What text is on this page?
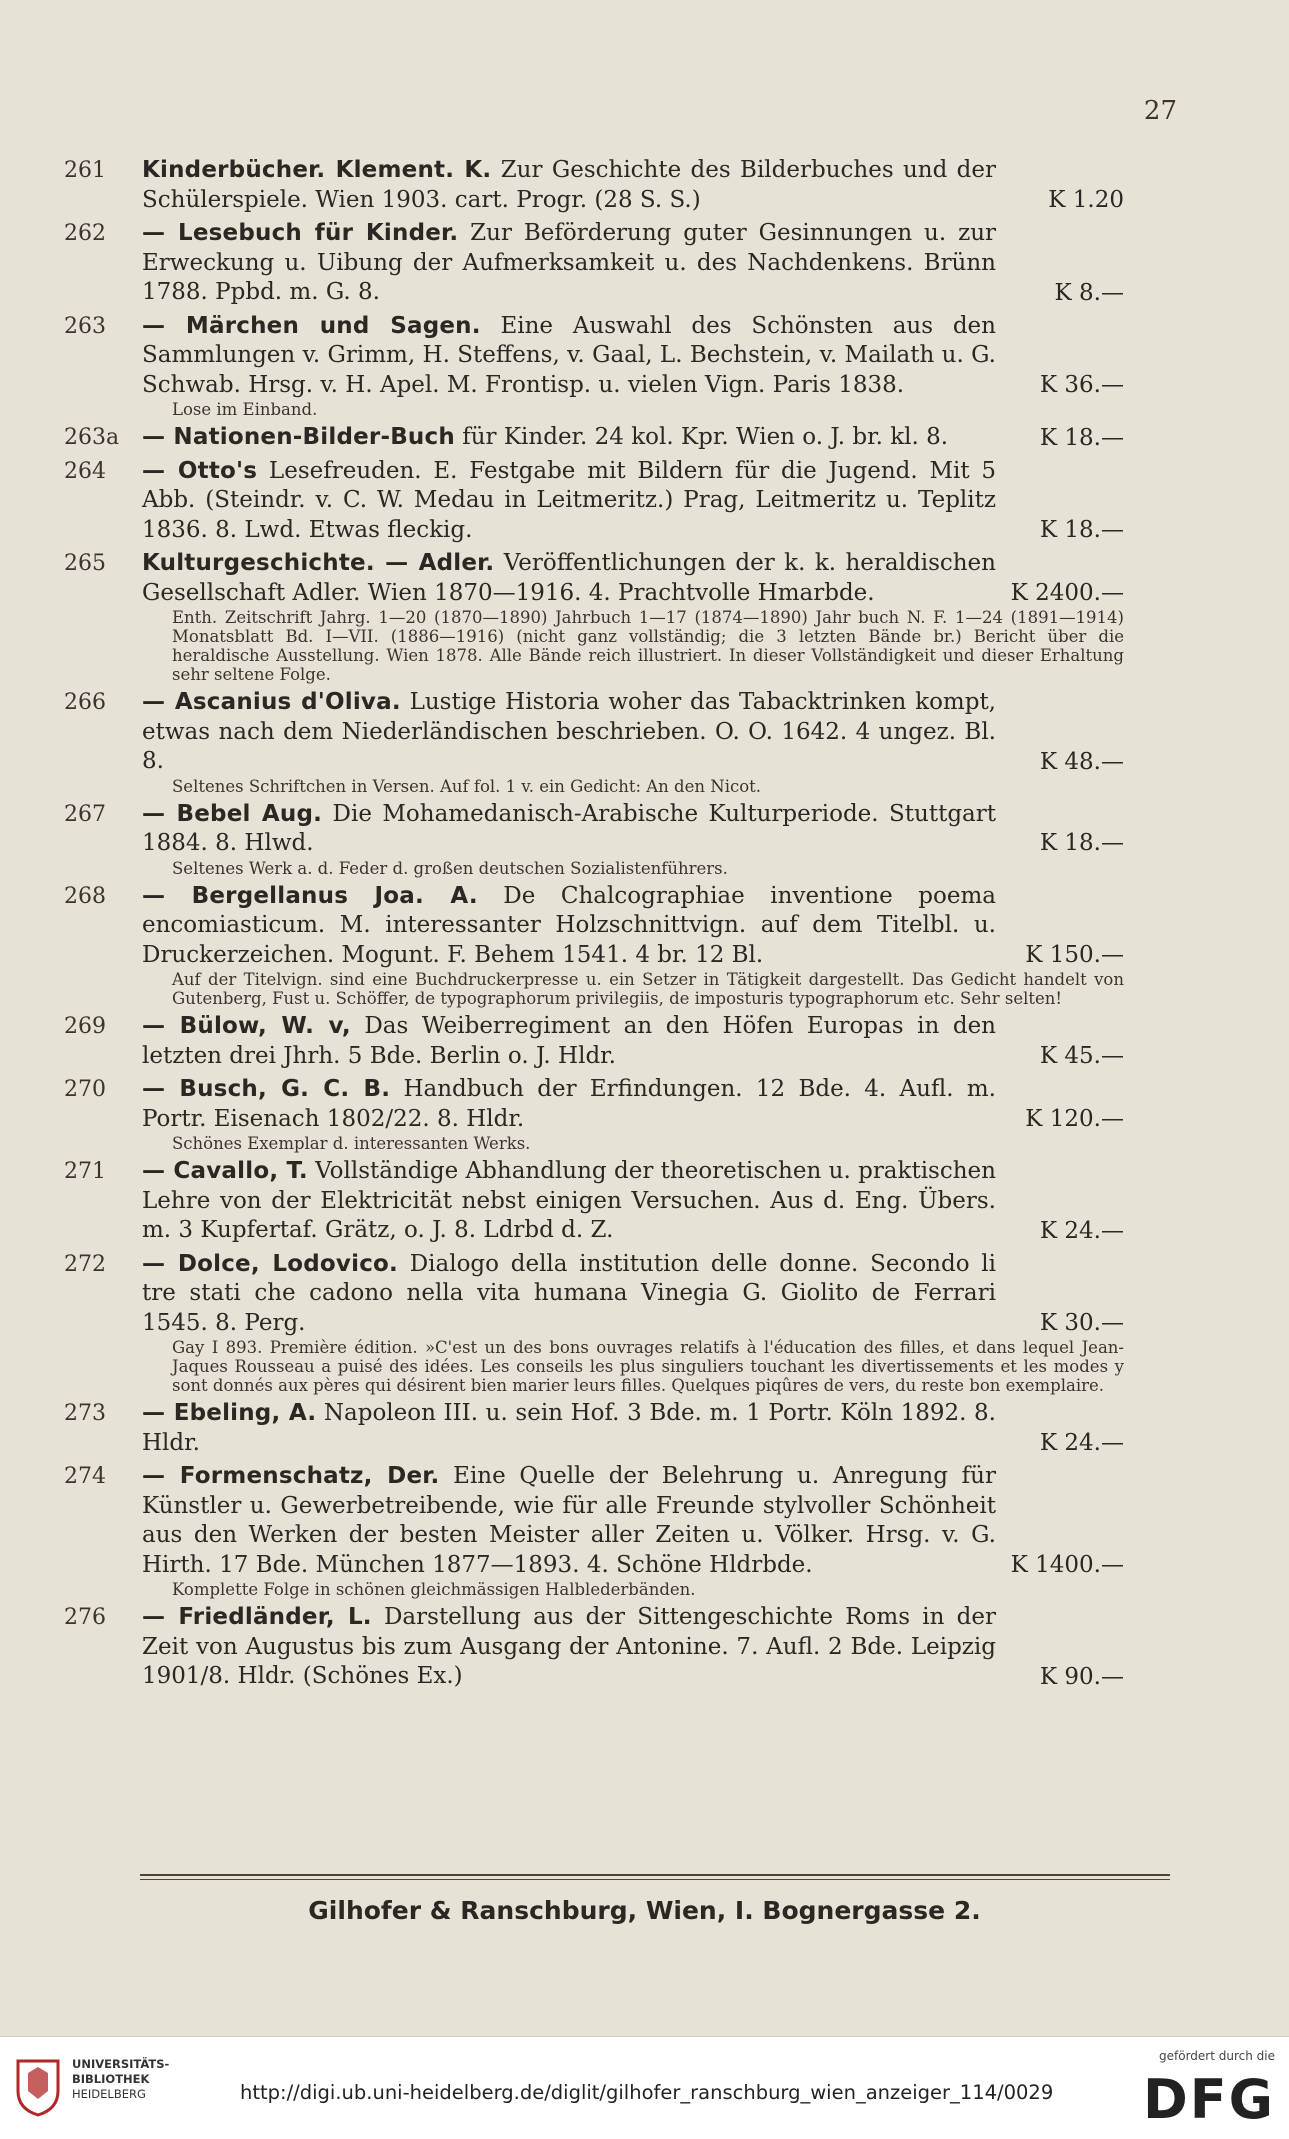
27
261	Kinderbücher. Klement. K. Zur Geschichte des Bilderbuches und der Schülerspiele. Wien 1903. cart. Progr. (28 S. S.)	K 1.20
262	— Lesebuch für Kinder. Zur Beförderung guter Gesinnungen u. zur Erweckung u. Uibung der Aufmerksamkeit u. des Nachdenkens. Brünn 1788. Ppbd. m. G. 8.	K 8.—
263	— Märchen und Sagen. Eine Auswahl des Schönsten aus den Sammlungen v. Grimm, H. Steffens, v. Gaal, L. Bechstein, v. Mailath u. G. Schwab. Hrsg. v. H. Apel. M. Frontisp. u. vielen Vign. Paris 1838.	K 36.—
Lose im Einband.
263a — Nationen-Bilder-Buch für Kinder. 24 kol. Kpr. Wien o. J. br. kl. 8.	K 18.—
264	— Otto's Lesefreuden. E. Festgabe mit Bildern für die Jugend. Mit 5 Abb. (Steindr. v. C. W. Medau in Leitmeritz.) Prag, Leitmeritz u. Teplitz 1836. 8. Lwd. Etwas fleckig.	K 18.—
265	Kulturgeschichte. — Adler. Veröffentlichungen der k. k. heraldischen Gesellschaft Adler. Wien 1870—1916. 4. Prachtvolle Hmarbde.	K 2400.—
Enth. Zeitschrift Jahrg. 1—20 (1870—1890) Jahrbuch 1—17 (1874—1890) Jahr buch N. F. 1—24 (1891—1914) Monatsblatt Bd. I—VII. (1886—1916) (nicht ganz vollständig; die 3 letzten Bände br.) Bericht über die heraldische Ausstellung. Wien 1878. Alle Bände reich illustriert. In dieser Vollständigkeit und dieser Erhaltung sehr seltene Folge.
266	— Ascanius d'Oliva. Lustige Historia woher das Tabacktrinken kompt, etwas nach dem Niederländischen beschrieben. O. O. 1642. 4 ungez. Bl. 8.	K 48.—
Seltenes Schriftchen in Versen. Auf fol. 1 v. ein Gedicht: An den Nicot.
267	— Bebel Aug. Die Mohamedanisch-Arabische Kulturperiode. Stuttgart 1884. 8. Hlwd.	K 18.—
Seltenes Werk a. d. Feder d. großen deutschen Sozialistenführers.
268	— Bergellanus Joa. A. De Chalcographiae inventione poema encomiasticum. M. interessanter Holzschnittvign. auf dem Titelbl. u. Druckerzeichen. Mogunt. F. Behem 1541. 4 br. 12 Bl.	K 150.—
Auf der Titelvign. sind eine Buchdruckerpresse u. ein Setzer in Tätigkeit dargestellt. Das Gedicht handelt von Gutenberg, Fust u. Schöffer, de typographorum privilegiis, de imposturis typographorum etc. Sehr selten!
269	— Bülow, W. v, Das Weiberregiment an den Höfen Europas in den letzten drei Jhrh. 5 Bde. Berlin o. J. Hldr.	K 45.—
270	— Busch, G. C. B. Handbuch der Erfindungen. 12 Bde. 4. Aufl. m. Portr. Eisenach 1802/22. 8. Hldr.	K 120.—
Schönes Exemplar d. interessanten Werks.
271	— Cavallo, T. Vollständige Abhandlung der theoretischen u. praktischen Lehre von der Elektricität nebst einigen Versuchen. Aus d. Eng. Übers. m. 3 Kupfertaf. Grätz, o. J. 8. Ldrbd d. Z.	K 24.—
272	— Dolce, Lodovico. Dialogo della institution delle donne. Secondo li tre stati che cadono nella vita humana Vinegia G. Giolito de Ferrari 1545. 8. Perg.	K 30.—
Gay I 893. Première édition. »C'est un des bons ouvrages relatifs à l'éducation des filles, et dans lequel Jean-Jaques Rousseau a puisé des idées. Les conseils les plus singuliers touchant les divertissements et les modes y sont donnés aux pères qui désirent bien marier leurs filles. Quelques piqûres de vers, du reste bon exemplaire.
273	— Ebeling, A. Napoleon III. u. sein Hof. 3 Bde. m. 1 Portr. Köln 1892. 8. Hldr.	K 24.—
274	— Formenschatz, Der. Eine Quelle der Belehrung u. Anregung für Künstler u. Gewerbetreibende, wie für alle Freunde stylvoller Schönheit aus den Werken der besten Meister aller Zeiten u. Völker. Hrsg. v. G. Hirth. 17 Bde. München 1877—1893. 4. Schöne Hldrbde.	K 1400.—
Komplette Folge in schönen gleichmässigen Halblederbänden.
276	— Friedländer, L. Darstellung aus der Sittengeschichte Roms in der Zeit von Augustus bis zum Ausgang der Antonine. 7. Aufl. 2 Bde. Leipzig 1901/8. Hldr. (Schönes Ex.)	K 90.—
Gilhofer & Ranschburg, Wien, I. Bognergasse 2.
UNIVERSITÄTS-
BIBLIOTHEK
HEIDELBERG	http://digi.ub.uni-heidelberg.de/diglit/gilhofer_ranschburg_wien_anzeiger_114/0029
gefördert durch die
DFG
